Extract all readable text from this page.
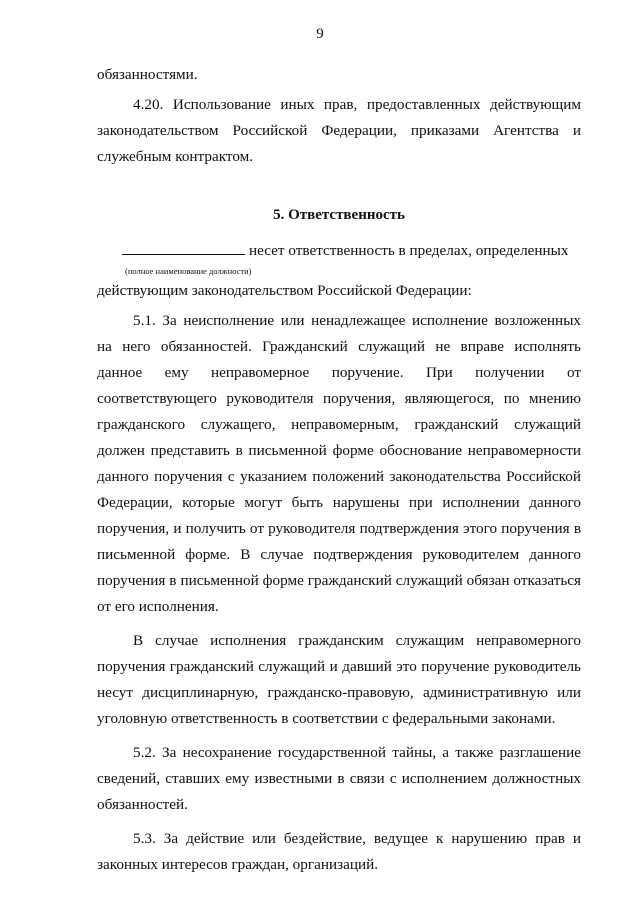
9

обязанностями.

4.20. Использование иных прав, предоставленных действующим законодательством Российской Федерации, приказами Агентства и служебным контрактом.

5. Ответственность

несет ответственность в пределах, определенных

(полное наименование должности)

действующим законодательством Российской Федерации:

5.1. За неисполнение или ненадлежащее исполнение возложенных на него обязанностей. Гражданский служащий не вправе исполнять данное ему неправомерное поручение. При получении от соответствующего руководителя поручения, являющегося, по мнению гражданского служащего, неправомерным, гражданский служащий должен представить в письменной форме обоснование неправомерности данного поручения с указанием положений законодательства Российской Федерации, которые могут быть нарушены при исполнении данного поручения, и получить от руководителя подтверждения этого поручения в письменной форме. В случае подтверждения руководителем данного поручения в письменной форме гражданский служащий обязан отказаться от его исполнения.

В случае исполнения гражданским служащим неправомерного поручения гражданский служащий и давший это поручение руководитель несут дисциплинарную, гражданско-правовую, административную или уголовную ответственность в соответствии с федеральными законами.

5.2. За несохранение государственной тайны, а также разглашение сведений, ставших ему известными в связи с исполнением должностных обязанностей.

5.3. За действие или бездействие, ведущее к нарушению прав и законных интересов граждан, организаций.
